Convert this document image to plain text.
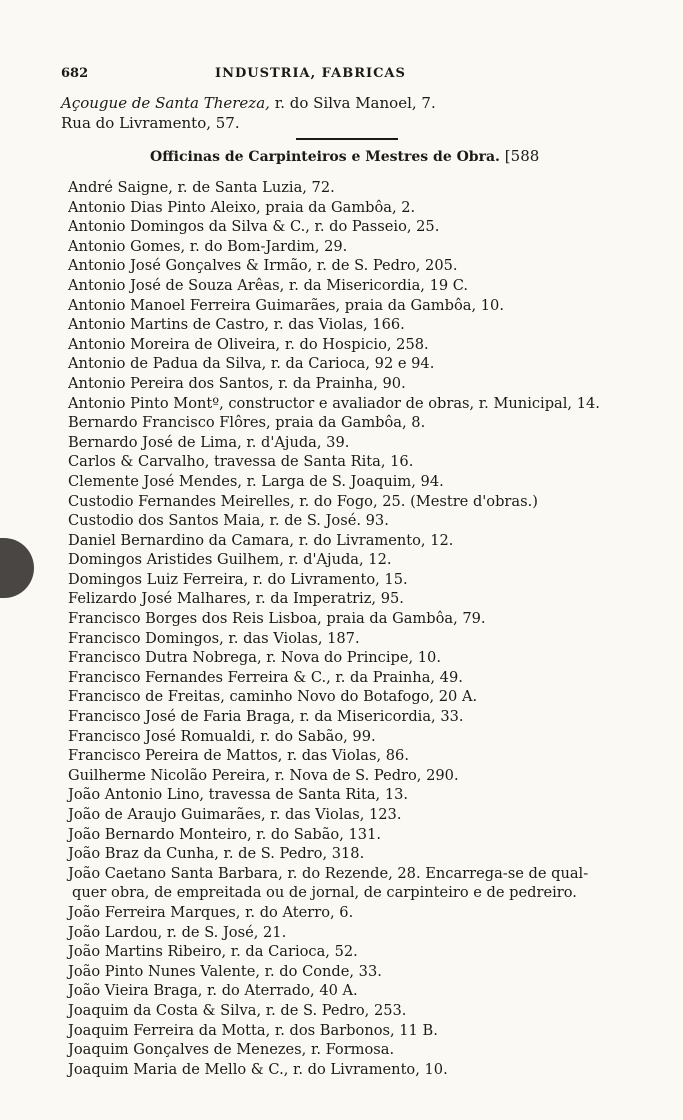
682	INDUSTRIA, FABRICAS
Açougue de Santa Thereza, r. do Silva Manoel, 7.
Rua do Livramento, 57.
Officinas de Carpinteiros e Mestres de Obra. [588
André Saigne, r. de Santa Luzia, 72.
Antonio Dias Pinto Aleixo, praia da Gambôa, 2.
Antonio Domingos da Silva & C., r. do Passeio, 25.
Antonio Gomes, r. do Bom-Jardim, 29.
Antonio José Gonçalves & Irmão, r. de S. Pedro, 205.
Antonio José de Souza Arêas, r. da Misericordia, 19 C.
Antonio Manoel Ferreira Guimarães, praia da Gambôa, 10.
Antonio Martins de Castro, r. das Violas, 166.
Antonio Moreira de Oliveira, r. do Hospicio, 258.
Antonio de Padua da Silva, r. da Carioca, 92 e 94.
Antonio Pereira dos Santos, r. da Prainha, 90.
Antonio Pinto Montº, constructor e avaliador de obras, r. Municipal, 14.
Bernardo Francisco Flôres, praia da Gambôa, 8.
Bernardo José de Lima, r. d'Ajuda, 39.
Carlos & Carvalho, travessa de Santa Rita, 16.
Clemente José Mendes, r. Larga de S. Joaquim, 94.
Custodio Fernandes Meirelles, r. do Fogo, 25. (Mestre d'obras.)
Custodio dos Santos Maia, r. de S. José. 93.
Daniel Bernardino da Camara, r. do Livramento, 12.
Domingos Aristides Guilhem, r. d'Ajuda, 12.
Domingos Luiz Ferreira, r. do Livramento, 15.
Felizardo José Malhares, r. da Imperatriz, 95.
Francisco Borges dos Reis Lisboa, praia da Gambôa, 79.
Francisco Domingos, r. das Violas, 187.
Francisco Dutra Nobrega, r. Nova do Principe, 10.
Francisco Fernandes Ferreira & C., r. da Prainha, 49.
Francisco de Freitas, caminho Novo do Botafogo, 20 A.
Francisco José de Faria Braga, r. da Misericordia, 33.
Francisco José Romualdi, r. do Sabão, 99.
Francisco Pereira de Mattos, r. das Violas, 86.
Guilherme Nicolão Pereira, r. Nova de S. Pedro, 290.
João Antonio Lino, travessa de Santa Rita, 13.
João de Araujo Guimarães, r. das Violas, 123.
João Bernardo Monteiro, r. do Sabão, 131.
João Braz da Cunha, r. de S. Pedro, 318.
João Caetano Santa Barbara, r. do Rezende, 28. Encarrega-se de qual-
quer obra, de empreitada ou de jornal, de carpinteiro e de pedreiro.
João Ferreira Marques, r. do Aterro, 6.
João Lardou, r. de S. José, 21.
João Martins Ribeiro, r. da Carioca, 52.
João Pinto Nunes Valente, r. do Conde, 33.
João Vieira Braga, r. do Aterrado, 40 A.
Joaquim da Costa & Silva, r. de S. Pedro, 253.
Joaquim Ferreira da Motta, r. dos Barbonos, 11 B.
Joaquim Gonçalves de Menezes, r. Formosa.
Joaquim Maria de Mello & C., r. do Livramento, 10.
